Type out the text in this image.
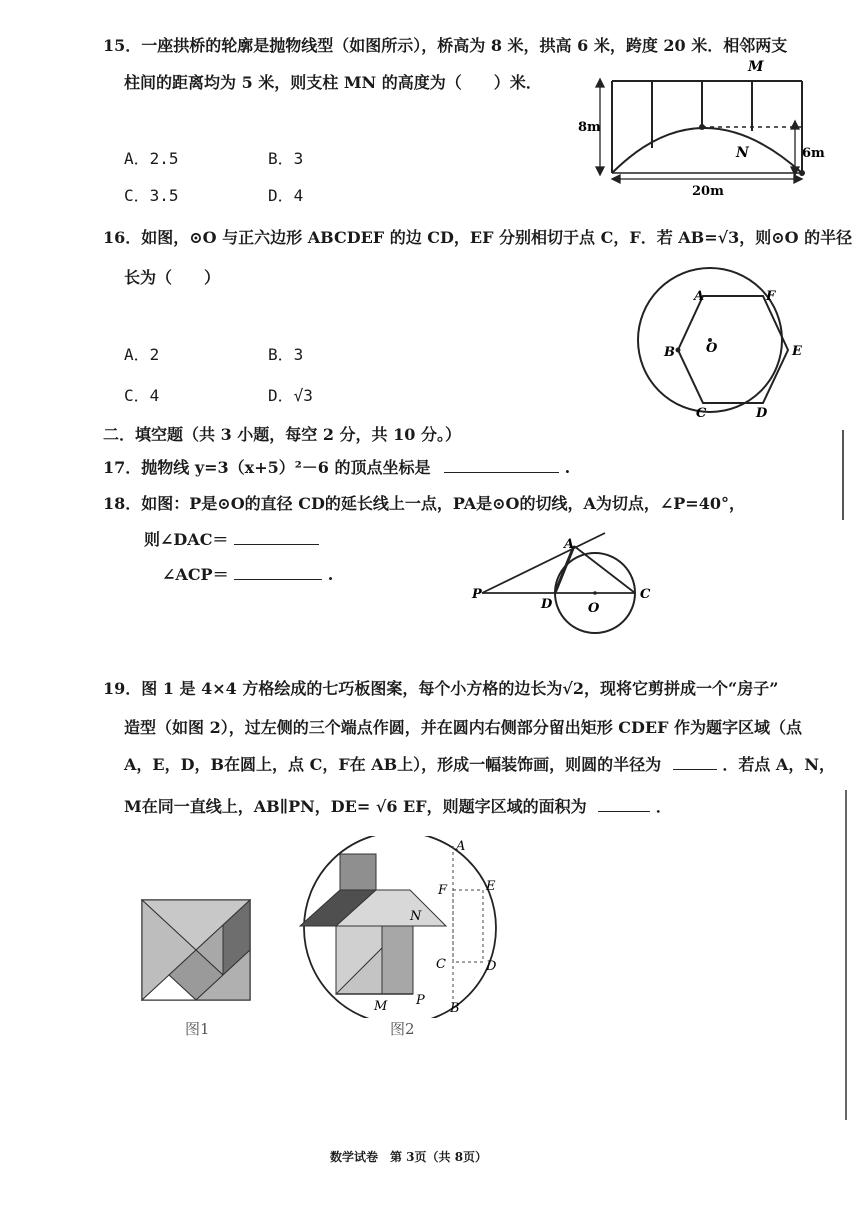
15．一座拱桥的轮廓是抛物线型（如图所示），桥高为 8 米，拱高 6 米，跨度 20 米．相邻两支
柱间的距离均为 5 米，则支柱 MN 的高度为（　　）米．
A．2.5	B．3
C．3.5	D．4
8m
6m
20m
M
N
16．如图，⊙O 与正六边形 ABCDEF 的边 CD，EF 分别相切于点 C，F．若 AB=√3，则⊙O 的半径
长为（　　）
A．2	B．3
C．4	D．√3
A	F
B O	E
C	D
二．填空题（共 3 小题，每空 2 分，共 10 分。）
17．抛物线 y=3（x+5）²－6 的顶点坐标是	.
18．如图：P是⊙O的直径 CD的延长线上一点，PA是⊙O的切线，A为切点，∠P=40°，
则∠DAC＝
∠ACP＝	.
P
A
D	O
C
19．图 1 是 4×4 方格绘成的七巧板图案，每个小方格的边长为√2，现将它剪拼成一个“房子”
造型（如图 2），过左侧的三个端点作圆，并在圆内右侧部分留出矩形 CDEF 作为题字区域（点
A，E，D，B在圆上，点 C，F在 AB上），形成一幅装饰画，则圆的半径为	．若点 A，N，
M在同一直线上，AB∥PN，DE= √6 EF，则题字区域的面积为	．
图1
A
F	E
N
C	D
M P
B
图2
数学试卷　第 3页（共 8页）
